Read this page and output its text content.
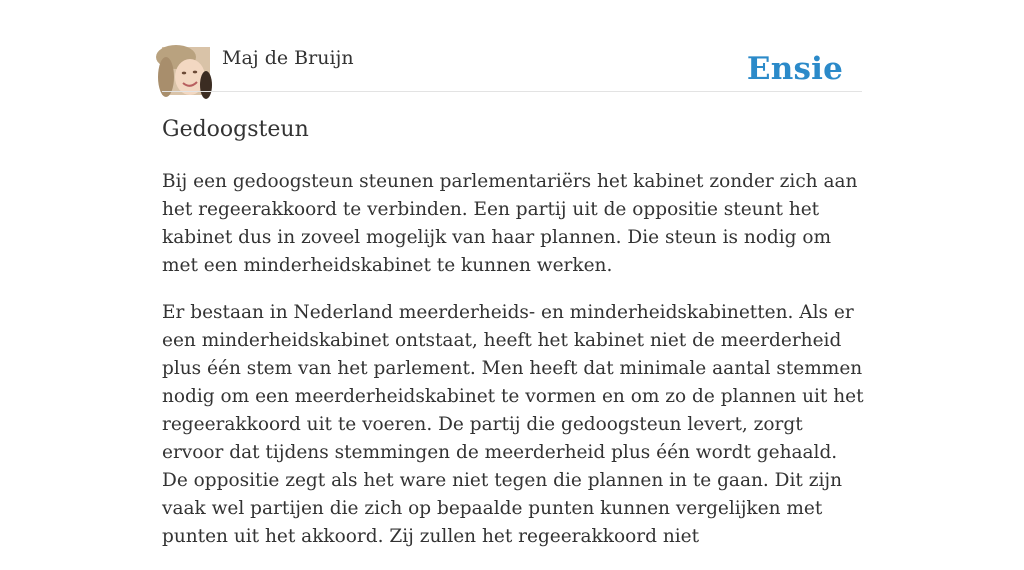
Maj de Bruijn	Ensie
Gedoogsteun

Bij een gedoogsteun steunen parlementariërs het kabinet zonder zich aan het regeerakkoord te verbinden. Een partij uit de oppositie steunt het kabinet dus in zoveel mogelijk van haar plannen. Die steun is nodig om met een minderheidskabinet te kunnen werken.

Er bestaan in Nederland meerderheids- en minderheidskabinetten. Als er een minderheidskabinet ontstaat, heeft het kabinet niet de meerderheid plus één stem van het parlement. Men heeft dat minimale aantal stemmen nodig om een meerderheidskabinet te vormen en om zo de plannen uit het regeerakkoord uit te voeren. De partij die gedoogsteun levert, zorgt ervoor dat tijdens stemmingen de meerderheid plus één wordt gehaald. De oppositie zegt als het ware niet tegen die plannen in te gaan. Dit zijn vaak wel partijen die zich op bepaalde punten kunnen vergelijken met punten uit het akkoord. Zij zullen het regeerakkoord niet
